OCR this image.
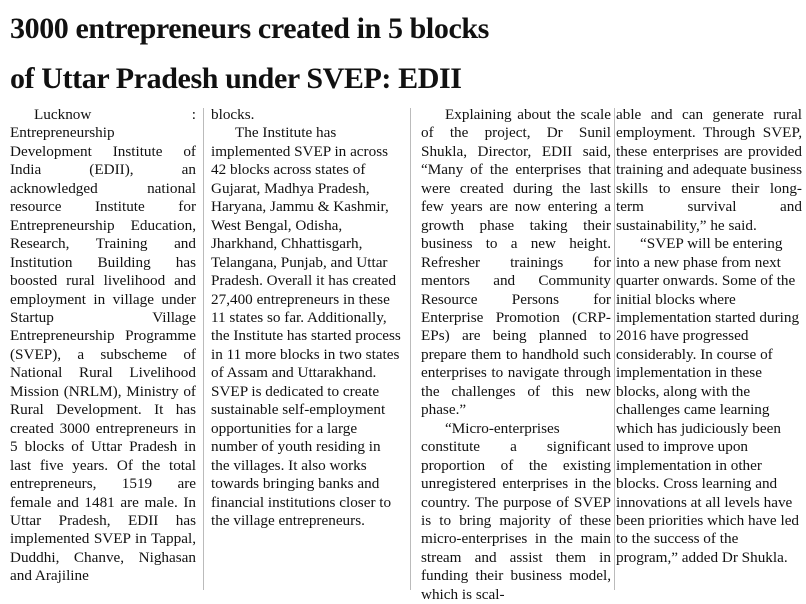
3000 entrepreneurs created in 5 blocks
of Uttar Pradesh under SVEP: EDII

Lucknow : Entrepreneurship Development Institute of India (EDII), an acknowledged national resource Institute for Entrepreneurship Education, Research, Training and Institution Building has boosted rural livelihood and employment in village under Startup Village Entrepreneurship Programme (SVEP), a subscheme of National Rural Livelihood Mission (NRLM), Ministry of Rural Development. It has created 3000 entrepreneurs in 5 blocks of Uttar Pradesh in last five years. Of the total entrepreneurs, 1519 are female and 1481 are male. In Uttar Pradesh, EDII has implemented SVEP in Tappal, Duddhi, Chanve, Nighasan and Arajiline

blocks.

The Institute has implemented SVEP in across 42 blocks across states of Gujarat, Madhya Pradesh, Haryana, Jammu & Kashmir, West Bengal, Odisha, Jharkhand, Chhattisgarh, Telangana, Punjab, and Uttar Pradesh. Overall it has created 27,400 entrepreneurs in these 11 states so far. Additionally, the Institute has started process in 11 more blocks in two states of Assam and Uttarakhand. SVEP is dedicated to create sustainable self-employment opportunities for a large number of youth residing in the villages. It also works towards bringing banks and financial institutions closer to the village entrepreneurs.

Explaining about the scale of the project, Dr Sunil Shukla, Director, EDII said, “Many of the enterprises that were created during the last few years are now entering a growth phase taking their business to a new height. Refresher trainings for mentors and Community Resource Persons for Enterprise Promotion (CRP-EPs) are being planned to prepare them to handhold such enterprises to navigate through the challenges of this new phase.”

“Micro-enterprises constitute a significant proportion of the existing unregistered enterprises in the country. The purpose of SVEP is to bring majority of these micro-enterprises in the main stream and assist them in funding their business model, which is scal-

able and can generate rural employment. Through SVEP, these enterprises are provided training and adequate business skills to ensure their long-term survival and sustainability,” he said.

“SVEP will be entering into a new phase from next quarter onwards. Some of the initial blocks where implementation started during 2016 have progressed considerably. In course of implementation in these blocks, along with the challenges came learning which has judiciously been used to improve upon implementation in other blocks. Cross learning and innovations at all levels have been priorities which have led to the success of the program,” added Dr Shukla.
